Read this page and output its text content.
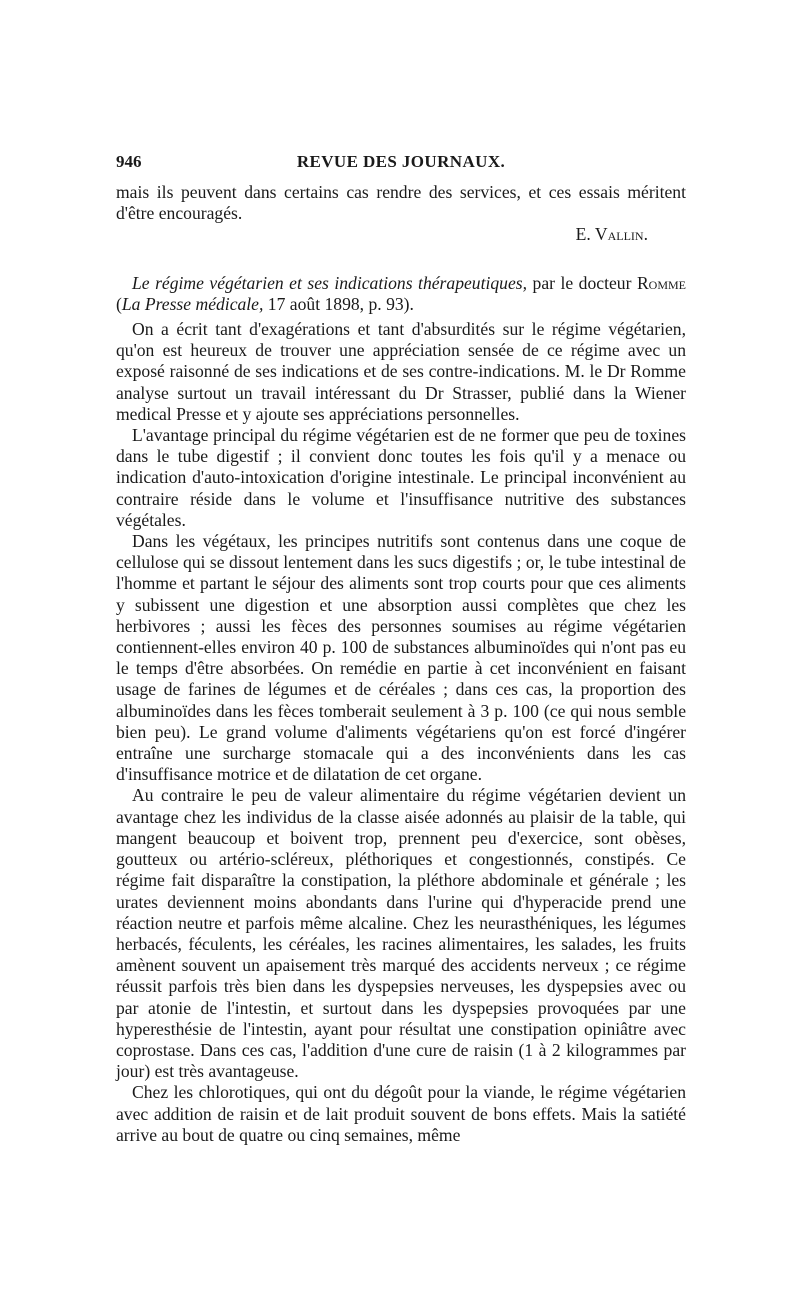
946	REVUE DES JOURNAUX.

mais ils peuvent dans certains cas rendre des services, et ces essais méritent d'être encouragés.

E. Vallin.

Le régime végétarien et ses indications thérapeutiques, par le docteur Romme (La Presse médicale, 17 août 1898, p. 93).

On a écrit tant d'exagérations et tant d'absurdités sur le régime végétarien, qu'on est heureux de trouver une appréciation sensée de ce régime avec un exposé raisonné de ses indications et de ses contre-indications. M. le Dr Romme analyse surtout un travail intéressant du Dr Strasser, publié dans la Wiener medical Presse et y ajoute ses appréciations personnelles.

L'avantage principal du régime végétarien est de ne former que peu de toxines dans le tube digestif ; il convient donc toutes les fois qu'il y a menace ou indication d'auto-intoxication d'origine intestinale. Le principal inconvénient au contraire réside dans le volume et l'insuffisance nutritive des substances végétales.

Dans les végétaux, les principes nutritifs sont contenus dans une coque de cellulose qui se dissout lentement dans les sucs digestifs ; or, le tube intestinal de l'homme et partant le séjour des aliments sont trop courts pour que ces aliments y subissent une digestion et une absorption aussi complètes que chez les herbivores ; aussi les fèces des personnes soumises au régime végétarien contiennent-elles environ 40 p. 100 de substances albuminoïdes qui n'ont pas eu le temps d'être absorbées. On remédie en partie à cet inconvénient en faisant usage de farines de légumes et de céréales ; dans ces cas, la proportion des albuminoïdes dans les fèces tomberait seulement à 3 p. 100 (ce qui nous semble bien peu). Le grand volume d'aliments végétariens qu'on est forcé d'ingérer entraîne une surcharge stomacale qui a des inconvénients dans les cas d'insuffisance motrice et de dilatation de cet organe.

Au contraire le peu de valeur alimentaire du régime végétarien devient un avantage chez les individus de la classe aisée adonnés au plaisir de la table, qui mangent beaucoup et boivent trop, prennent peu d'exercice, sont obèses, goutteux ou artério-scléreux, pléthoriques et congestionnés, constipés. Ce régime fait disparaître la constipation, la pléthore abdominale et générale ; les urates deviennent moins abondants dans l'urine qui d'hyperacide prend une réaction neutre et parfois même alcaline. Chez les neurasthéniques, les légumes herbacés, féculents, les céréales, les racines alimentaires, les salades, les fruits amènent souvent un apaisement très marqué des accidents nerveux ; ce régime réussit parfois très bien dans les dyspepsies nerveuses, les dyspepsies avec ou par atonie de l'intestin, et surtout dans les dyspepsies provoquées par une hyperesthésie de l'intestin, ayant pour résultat une constipation opiniâtre avec coprostase. Dans ces cas, l'addition d'une cure de raisin (1 à 2 kilogrammes par jour) est très avantageuse.

Chez les chlorotiques, qui ont du dégoût pour la viande, le régime végétarien avec addition de raisin et de lait produit souvent de bons effets. Mais la satiété arrive au bout de quatre ou cinq semaines, même
